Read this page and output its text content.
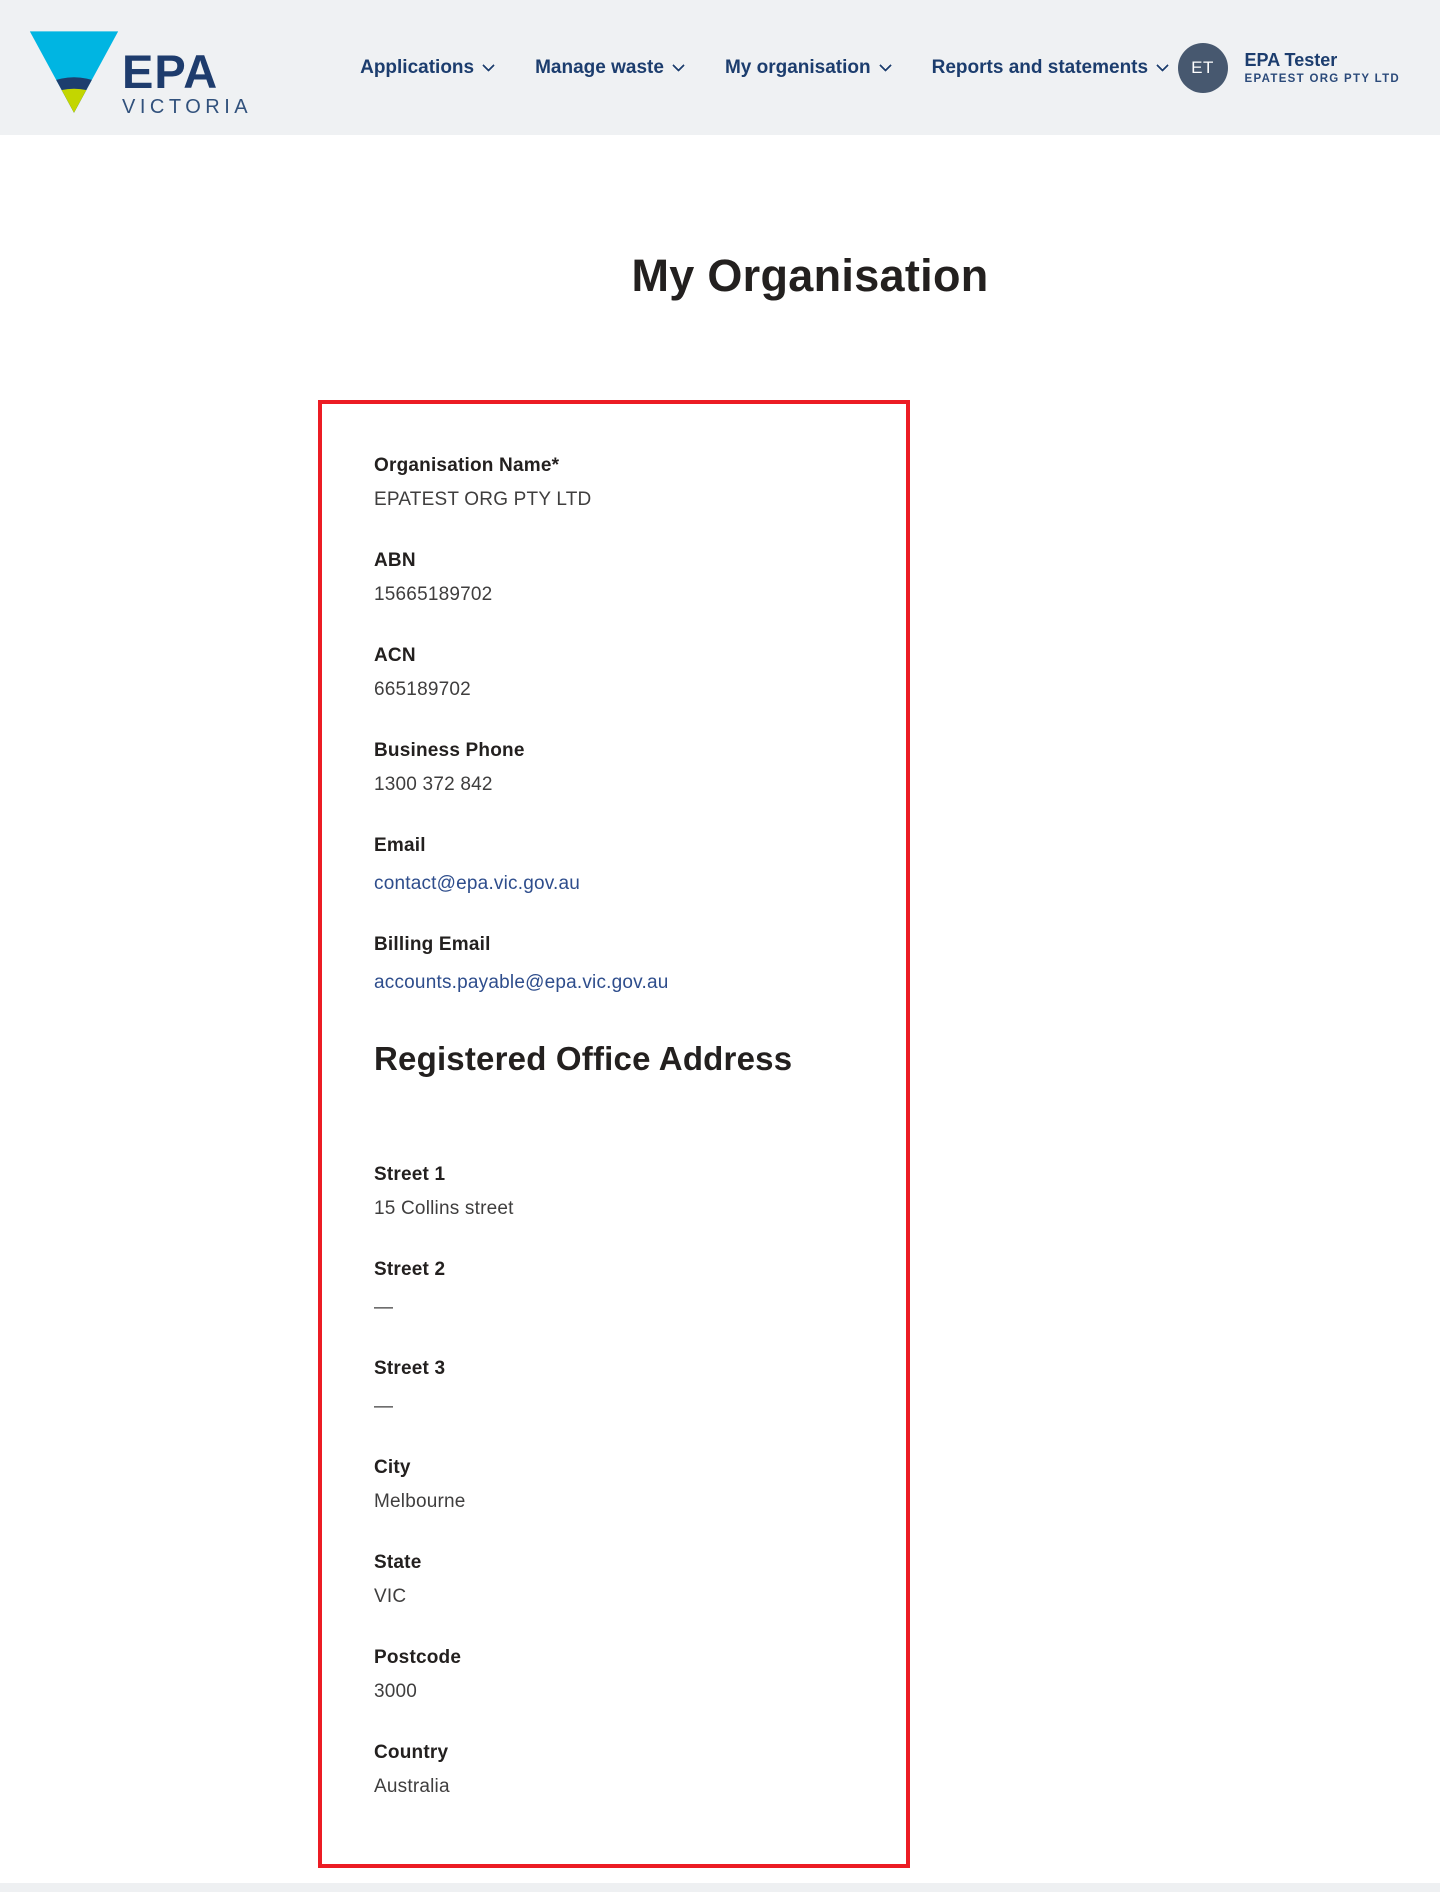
EPA
VICTORIA
Applications	Manage waste	My organisation	Reports and statements	ET	EPA Tester
EPATEST ORG PTY LTD
My Organisation
Organisation Name*
EPATEST ORG PTY LTD
ABN
15665189702
ACN
665189702
Business Phone
1300 372 842
Email
contact@epa.vic.gov.au
Billing Email
accounts.payable@epa.vic.gov.au
Registered Office Address
Street 1
15 Collins street
Street 2
—
Street 3
—
City
Melbourne
State
VIC
Postcode
3000
Country
Australia
